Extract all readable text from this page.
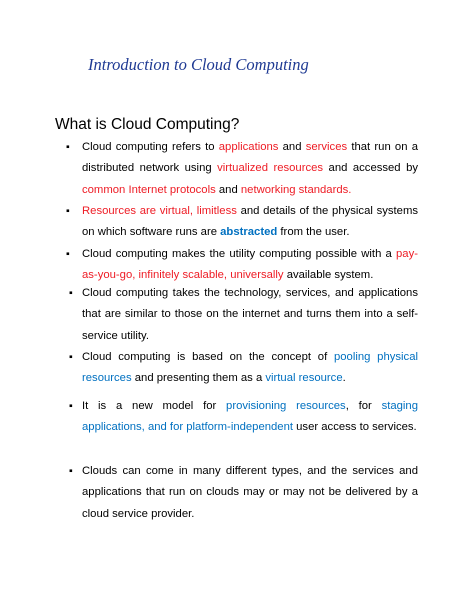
Introduction to Cloud Computing
What is Cloud Computing?
▪ Cloud computing refers to applications and services that run on a distributed network using virtualized resources and accessed by common Internet protocols and networking standards.
▪ Resources are virtual, limitless and details of the physical systems on which software runs are abstracted from the user.
▪ Cloud computing makes the utility computing possible with a pay-as-you-go, infinitely scalable, universally available system.
▪ Cloud computing takes the technology, services, and applications that are similar to those on the internet and turns them into a self-service utility.
▪ Cloud computing is based on the concept of pooling physical resources and presenting them as a virtual resource.
▪ It is a new model for provisioning resources, for staging applications, and for platform-independent user access to services.
▪ Clouds can come in many different types, and the services and applications that run on clouds may or may not be delivered by a cloud service provider.
